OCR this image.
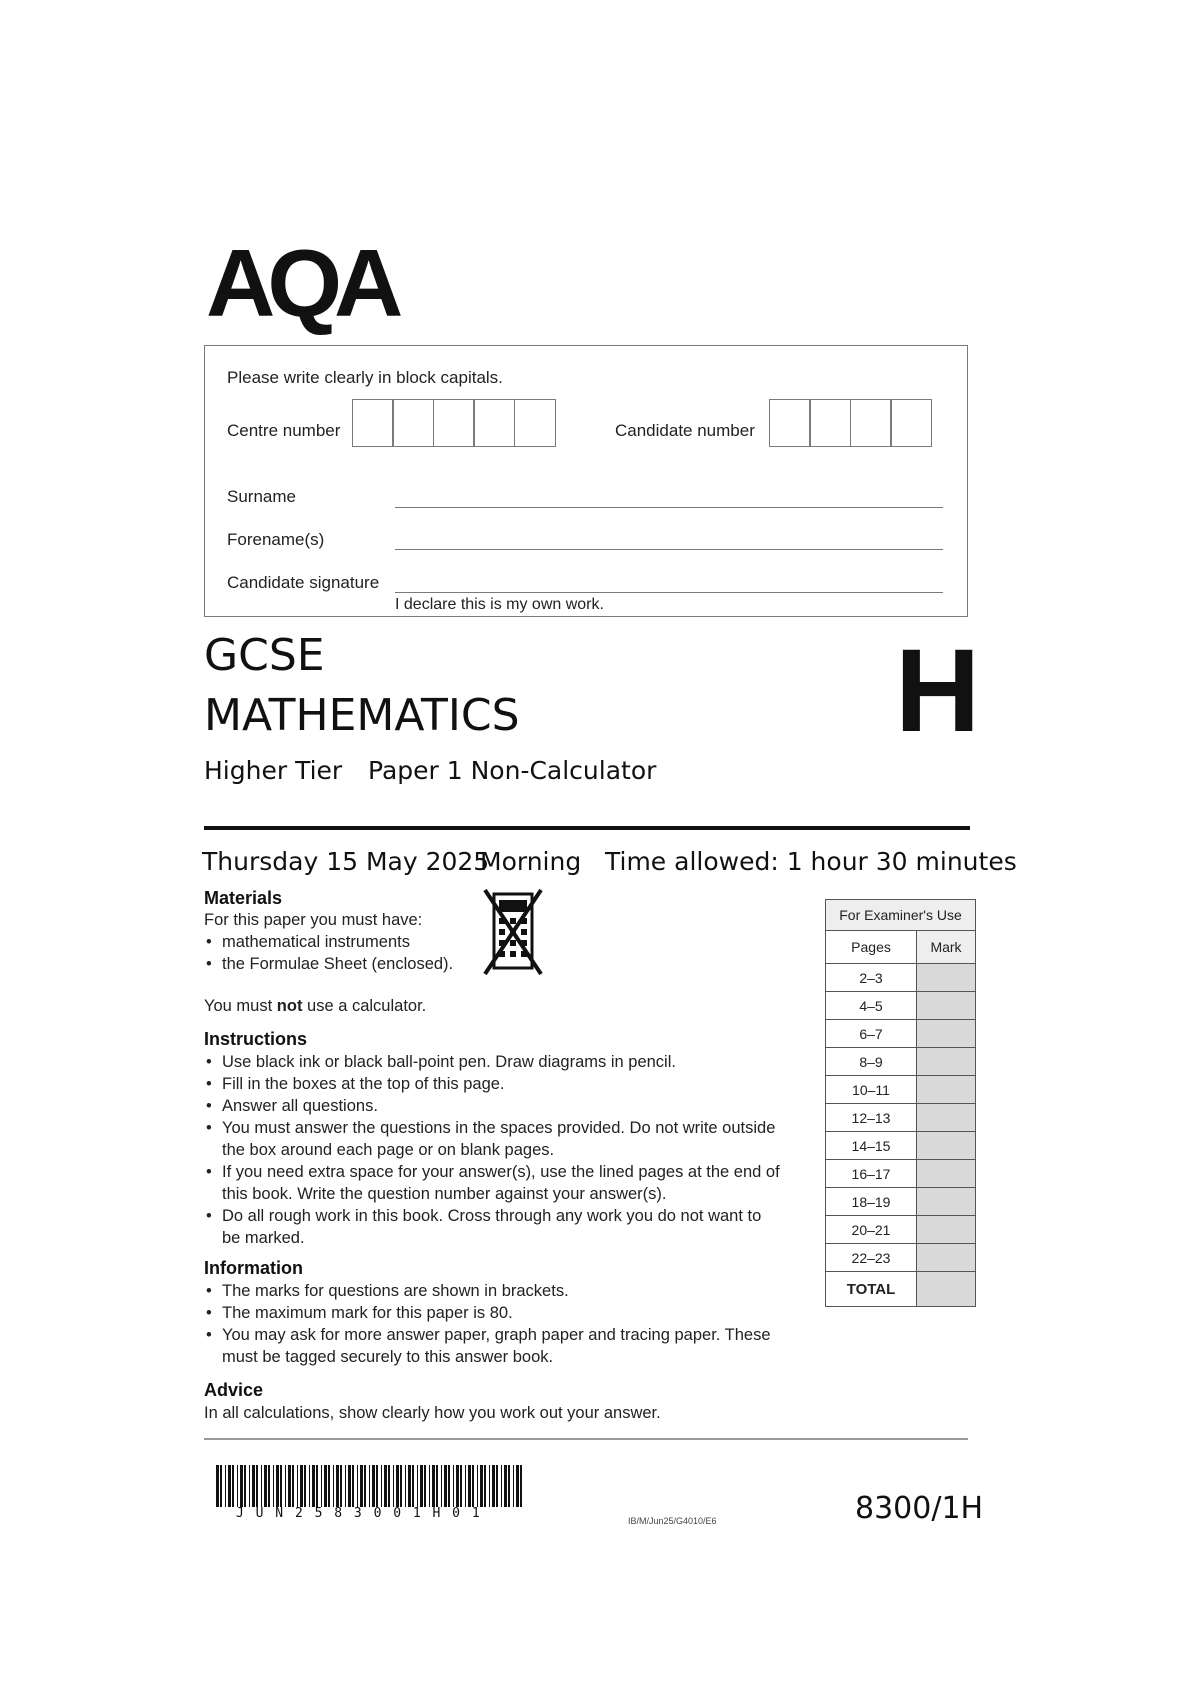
AQA
Please write clearly in block capitals.
Centre number	Candidate number
Surname
Forename(s)
Candidate signature
I declare this is my own work.
GCSE
MATHEMATICS
Higher Tier Paper 1 Non-Calculator
H
Thursday 15 May 2025
Morning Time allowed: 1 hour 30 minutes
Materials
For this paper you must have:
• mathematical instruments
• the Formulae Sheet (enclosed).
You must not use a calculator.
Instructions
• Use black ink or black ball-point pen. Draw diagrams in pencil.
• Fill in the boxes at the top of this page.
• Answer all questions.
• You must answer the questions in the spaces provided. Do not write outside the box around each page or on blank pages.
• If you need extra space for your answer(s), use the lined pages at the end of this book. Write the question number against your answer(s).
• Do all rough work in this book. Cross through any work you do not want to be marked.
Information
• The marks for questions are shown in brackets.
• The maximum mark for this paper is 80.
• You may ask for more answer paper, graph paper and tracing paper. These must be tagged securely to this answer book.
Advice
In all calculations, show clearly how you work out your answer.
For Examiner's Use	
Pages	Mark
2–3	
4–5	
6–7	
8–9	
10–11	
12–13	
14–15	
16–17	
18–19	
20–21	
22–23	
TOTAL	
J U N 2 5 8 3 0 0 1 H 0 1	IB/M/Jun25/G4010/E6	8300/1H
